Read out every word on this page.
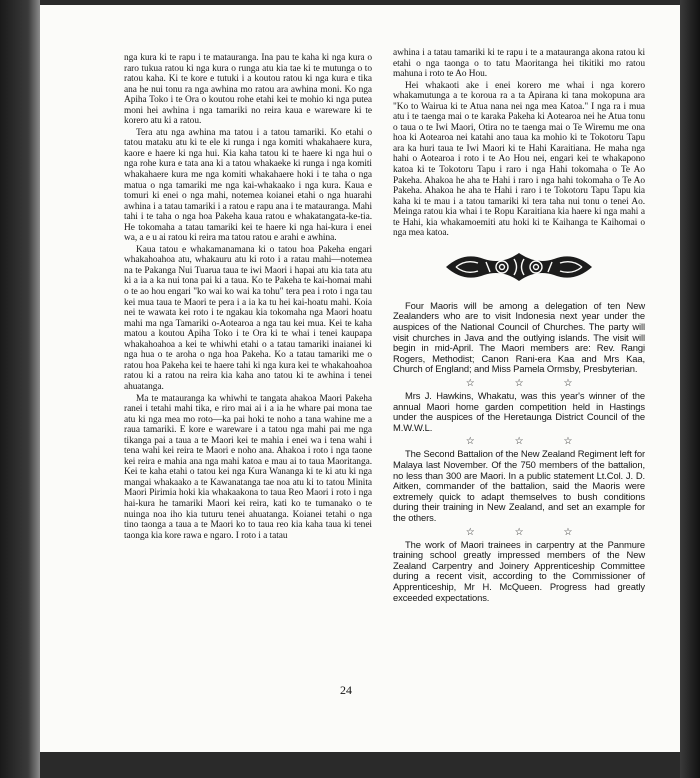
nga kura ki te rapu i te matauranga. Ina pau te kaha ki nga kura o raro tukua ratou ki nga kura o runga atu kia tae ki te mutunga o to ratou kaha. Ki te kore e tutuki i a koutou ratou ki nga kura e tika ana he nui tonu ra nga awhina mo ratou ara awhina moni. Ko nga Apiha Toko i te Ora o koutou rohe etahi kei te mohio ki nga putea moni hei awhina i nga tamariki no reira kaua e wareware ki te korero atu ki a ratou.

Tera atu nga awhina ma tatou i a tatou tamariki. Ko etahi o tatou mataku atu ki te ele ki runga i nga komiti whakahaere kura, kaore e haere ki nga hui. Kia kaha tatou ki te haere ki nga hui o nga rohe kura e tata ana ki a tatou whakaeke ki runga i nga komiti whakahaere kura me nga komiti whakahaere hoki i te taha o nga matua o nga tamariki me nga kai-whakaako i nga kura. Kaua e tomuri ki enei o nga mahi, notemea koianei etahi o nga huarahi awhina i a tatau tamariki i a ratou e rapu ana i te matauranga. Mahi tahi i te taha o nga hoa Pakeha kaua ratou e whakatangata-ke-tia. He tokomaha a tatau tamariki kei te haere ki nga hai-kura i enei wa, a e u ai ratou ki reira ma tatou ratou e arahi e awhina.

Kaua tatou e whakamanamana ki o tatou hoa Pakeha engari whakahoahoa atu, whakauru atu ki roto i a ratau mahi—notemea na te Pakanga Nui Tuarua taua te iwi Maori i hapai atu kia tata atu ki a ia a ka nui tona pai ki a taua. Ko te Pakeha te kai-homai mahi o te ao hou engari "ko wai ko wai ka tohu" tera pea i roto i nga tau kei mua taua te Maori te pera i a ia ka tu hei kai-hoatu mahi. Koia nei te wawata kei roto i te ngakau kia tokomaha nga Maori hoatu mahi ma nga Tamariki o-Aotearoa a nga tau kei mua. Kei te kaha matou a koutou Apiha Toko i te Ora ki te whai i tenei kaupapa whakahoahoa a kei te whiwhi etahi o a tatau tamariki inaianei ki nga hua o te aroha o nga hoa Pakeha. Ko a tatau tamariki me o ratou hoa Pakeha kei te haere tahi ki nga kura kei te whakahoahoa ratou ki a ratou na reira kia kaha ano tatou ki te awhina i tenei ahuatanga.

Ma te matauranga ka whiwhi te tangata ahakoa Maori Pakeha ranei i tetahi mahi tika, e riro mai ai i a ia he whare pai mona tae atu ki nga mea mo roto—ka pai hoki te noho a tana wahine me a raua tamariki. E kore e wareware i a tatou nga mahi pai me nga tikanga pai a taua a te Maori kei te mahia i enei wa i tena wahi i tena wahi kei reira te Maori e noho ana. Ahakoa i roto i nga taone kei reira e mahia ana nga mahi katoa e mau ai to taua Maoritanga. Kei te kaha etahi o tatou kei nga Kura Wananga ki te ki atu ki nga mangai whakaako a te Kawanatanga tae noa atu ki to tatou Minita Maori Pirimia hoki kia whakaakona to taua Reo Maori i roto i nga hai-kura he tamariki Maori kei reira, kati ko te tumanako o te nuinga noa iho kia tuturu tenei ahuatanga. Koianei tetahi o nga tino taonga a taua a te Maori ko to taua reo kia kaha taua ki tenei taonga kia kore rawa e ngaro. I roto i a tatau

awhina i a tatau tamariki ki te rapu i te a matauranga akona ratou ki etahi o nga taonga o to tatu Maoritanga hei tikitiki mo ratou mahuna i roto te Ao Hou.

Hei whakaoti ake i enei korero me whai i nga korero whakamutunga a te koroua ra a ta Apirana ki tana mokopuna ara "Ko to Wairua ki te Atua nana nei nga mea Katoa." I nga ra i mua atu i te taenga mai o te karaka Pakeha ki Aotearoa nei he Atua tonu o taua o te Iwi Maori, Otira no te taenga mai o Te Wiremu me ona hoa ki Aotearoa nei katahi ano taua ka mohio ki te Tokotoru Tapu ara ka huri taua te Iwi Maori ki te Hahi Karaitiana. He maha nga hahi o Aotearoa i roto i te Ao Hou nei, engari kei te whakapono katoa ki te Tokotoru Tapu i raro i nga Hahi tokomaha o Te Ao Pakeha. Ahakoa he aha te Hahi i raro i nga hahi tokomaha o Te Ao Pakeha. Ahakoa he aha te Hahi i raro i te Tokotoru Tapu Tapu kia kaha ki te mau i a tatou tamariki ki tera taha nui tonu o tenei Ao. Meinga ratou kia whai i te Ropu Karaitiana kia haere ki nga mahi a te Hahi, kia whakamoemiti atu hoki ki te Kaihanga te Kaihomai o nga mea katoa.

Four Maoris will be among a delegation of ten New Zealanders who are to visit Indonesia next year under the auspices of the National Council of Churches. The party will visit churches in Java and the outlying islands. The visit will begin in mid-April. The Maori members are: Rev. Rangi Rogers, Methodist; Canon Rani-era Kaa and Mrs Kaa, Church of England; and Miss Pamela Ormsby, Presbyterian.

☆	☆	☆

Mrs J. Hawkins, Whakatu, was this year's winner of the annual Maori home garden competition held in Hastings under the auspices of the Heretaunga District Council of the M.W.W.L.

☆	☆	☆

The Second Battalion of the New Zealand Regiment left for Malaya last November. Of the 750 members of the battalion, no less than 300 are Maori. In a public statement Lt.Col. J. D. Aitken, commander of the battalion, said the Maoris were extremely quick to adapt themselves to bush conditions during their training in New Zealand, and set an example for the others.

☆	☆	☆

The work of Maori trainees in carpentry at the Panmure training school greatly impressed members of the New Zealand Carpentry and Joinery Apprenticeship Committee during a recent visit, according to the Commissioner of Apprenticeship, Mr H. McQueen. Progress had greatly exceeded expectations.

24
